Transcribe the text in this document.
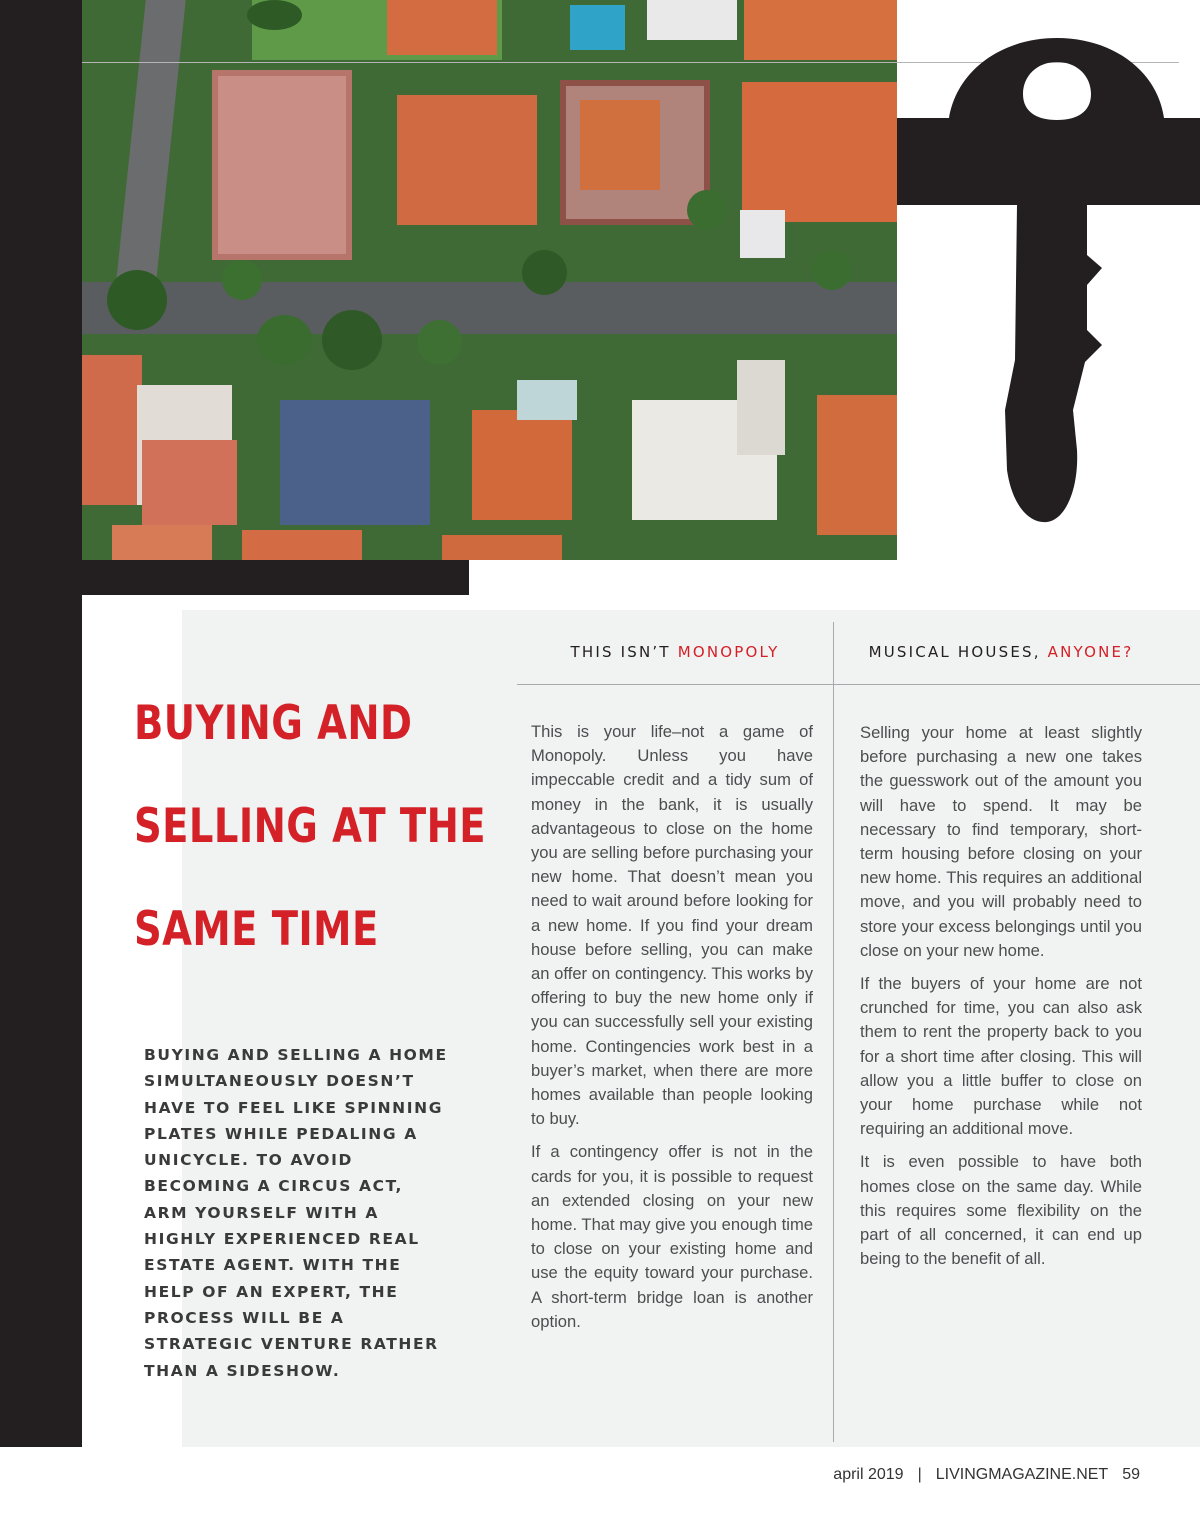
BUYING AND
SELLING AT THE
SAME TIME

BUYING AND SELLING A HOME SIMULTANEOUSLY DOESN’T HAVE TO FEEL LIKE SPINNING PLATES WHILE PEDALING A UNICYCLE. TO AVOID BECOMING A CIRCUS ACT, ARM YOURSELF WITH A HIGHLY EXPERIENCED REAL ESTATE AGENT. WITH THE HELP OF AN EXPERT, THE PROCESS WILL BE A STRATEGIC VENTURE RATHER THAN A SIDESHOW.

THIS ISN’T MONOPOLY	MUSICAL HOUSES, ANYONE?

This is your life–not a game of Monopoly. Unless you have impeccable credit and a tidy sum of money in the bank, it is usually advantageous to close on the home you are selling before purchasing your new home. That doesn’t mean you need to wait around before looking for a new home. If you find your dream house before selling, you can make an offer on contingency. This works by offering to buy the new home only if you can successfully sell your existing home. Contingencies work best in a buyer’s market, when there are more homes available than people looking to buy.

If a contingency offer is not in the cards for you, it is possible to request an extended closing on your new home. That may give you enough time to close on your existing home and use the equity toward your purchase. A short-term bridge loan is another option.

Selling your home at least slightly before purchasing a new one takes the guesswork out of the amount you will have to spend. It may be necessary to find temporary, short-term housing before closing on your new home. This requires an additional move, and you will probably need to store your excess belongings until you close on your new home.

If the buyers of your home are not crunched for time, you can also ask them to rent the property back to you for a short time after closing. This will allow you a little buffer to close on your home purchase while not requiring an additional move.

It is even possible to have both homes close on the same day. While this requires some flexibility on the part of all concerned, it can end up being to the benefit of all.

april 2019 | LIVINGMAGAZINE.NET 59
